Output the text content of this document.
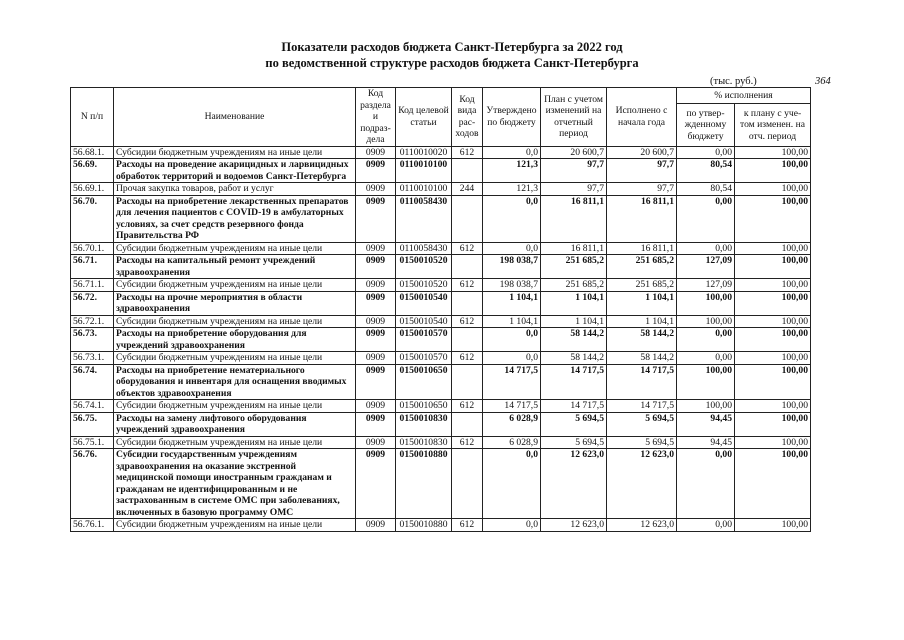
Показатели расходов бюджета Санкт-Петербурга за 2022 год
по ведомственной структуре расходов бюджета Санкт-Петербурга
(тыс. руб.)	364
N п/п	Наименование	Код раздела и подраз-дела	Код целевой статьи	Код вида рас-ходов	Утверждено по бюджету	План с учетом изменений на отчетный период	Исполнено с начала года	% исполнения	
								по утвер-жденному бюджету	к плану с уче-том изменен. на отч. период
56.68.1.	Субсидии бюджетным учреждениям на иные цели	0909	0110010020	612	0,0	20 600,7	20 600,7	0,00	100,00
56.69.	Расходы на проведение акарицидных и ларвицидных обработок территорий и водоемов Санкт-Петербурга	0909	0110010100		121,3	97,7	97,7	80,54	100,00
56.69.1.	Прочая закупка товаров, работ и услуг	0909	0110010100	244	121,3	97,7	97,7	80,54	100,00
56.70.	Расходы на приобретение лекарственных препаратов для лечения пациентов с COVID-19 в амбулаторных условиях, за счет средств резервного фонда Правительства РФ	0909	0110058430		0,0	16 811,1	16 811,1	0,00	100,00
56.70.1.	Субсидии бюджетным учреждениям на иные цели	0909	0110058430	612	0,0	16 811,1	16 811,1	0,00	100,00
56.71.	Расходы на капитальный ремонт учреждений здравоохранения	0909	0150010520		198 038,7	251 685,2	251 685,2	127,09	100,00
56.71.1.	Субсидии бюджетным учреждениям на иные цели	0909	0150010520	612	198 038,7	251 685,2	251 685,2	127,09	100,00
56.72.	Расходы на прочие мероприятия в области здравоохранения	0909	0150010540		1 104,1	1 104,1	1 104,1	100,00	100,00
56.72.1.	Субсидии бюджетным учреждениям на иные цели	0909	0150010540	612	1 104,1	1 104,1	1 104,1	100,00	100,00
56.73.	Расходы на приобретение оборудования для учреждений здравоохранения	0909	0150010570		0,0	58 144,2	58 144,2	0,00	100,00
56.73.1.	Субсидии бюджетным учреждениям на иные цели	0909	0150010570	612	0,0	58 144,2	58 144,2	0,00	100,00
56.74.	Расходы на приобретение нематериального оборудования и инвентаря для оснащения вводимых объектов здравоохранения	0909	0150010650		14 717,5	14 717,5	14 717,5	100,00	100,00
56.74.1.	Субсидии бюджетным учреждениям на иные цели	0909	0150010650	612	14 717,5	14 717,5	14 717,5	100,00	100,00
56.75.	Расходы на замену лифтового оборудования учреждений здравоохранения	0909	0150010830		6 028,9	5 694,5	5 694,5	94,45	100,00
56.75.1.	Субсидии бюджетным учреждениям на иные цели	0909	0150010830	612	6 028,9	5 694,5	5 694,5	94,45	100,00
56.76.	Субсидии государственным учреждениям здравоохранения на оказание экстренной медицинской помощи иностранным гражданам и гражданам не идентифицированным и не застрахованным в системе ОМС при заболеваниях, включенных в базовую программу ОМС	0909	0150010880		0,0	12 623,0	12 623,0	0,00	100,00
56.76.1.	Субсидии бюджетным учреждениям на иные цели	0909	0150010880	612	0,0	12 623,0	12 623,0	0,00	100,00
